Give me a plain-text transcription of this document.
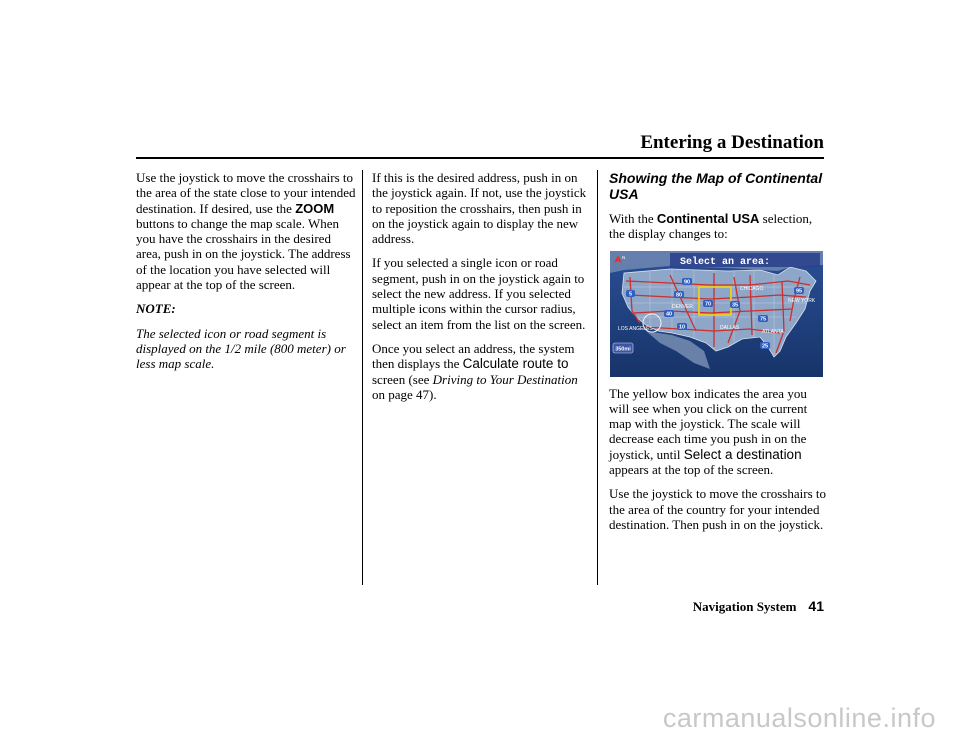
Entering a Destination

Use the joystick to move the crosshairs to the area of the state close to your intended destination. If desired, use the ZOOM buttons to change the map scale. When you have the crosshairs in the desired area, push in on the joystick. The address of the location you have selected will appear at the top of the screen.

NOTE:

The selected icon or road segment is displayed on the 1/2 mile (800 meter) or less map scale.

If this is the desired address, push in on the joystick again. If not, use the joystick to reposition the crosshairs, then push in on the joystick again to display the new address.

If you selected a single icon or road segment, push in on the joystick again to select the new address. If you selected multiple icons within the cursor radius, select an item from the list on the screen.

Once you select an address, the system then displays the Calculate route to screen (see Driving to Your Destination on page 47).

Showing the Map of Continental USA

With the Continental USA selection, the display changes to:

90
5	80
70
40
10
35
95
75
25
LOS ANGELES
DENVER
CHICAGO
NEW YORK
ATLANTA
DALLAS
Select an area:
N
350mi

The yellow box indicates the area you will see when you click on the current map with the joystick. The scale will decrease each time you push in on the joystick, until Select a destination appears at the top of the screen.

Use the joystick to move the crosshairs to the area of the country for your intended destination. Then push in on the joystick.

Navigation System 41
carmanualsonline.info
